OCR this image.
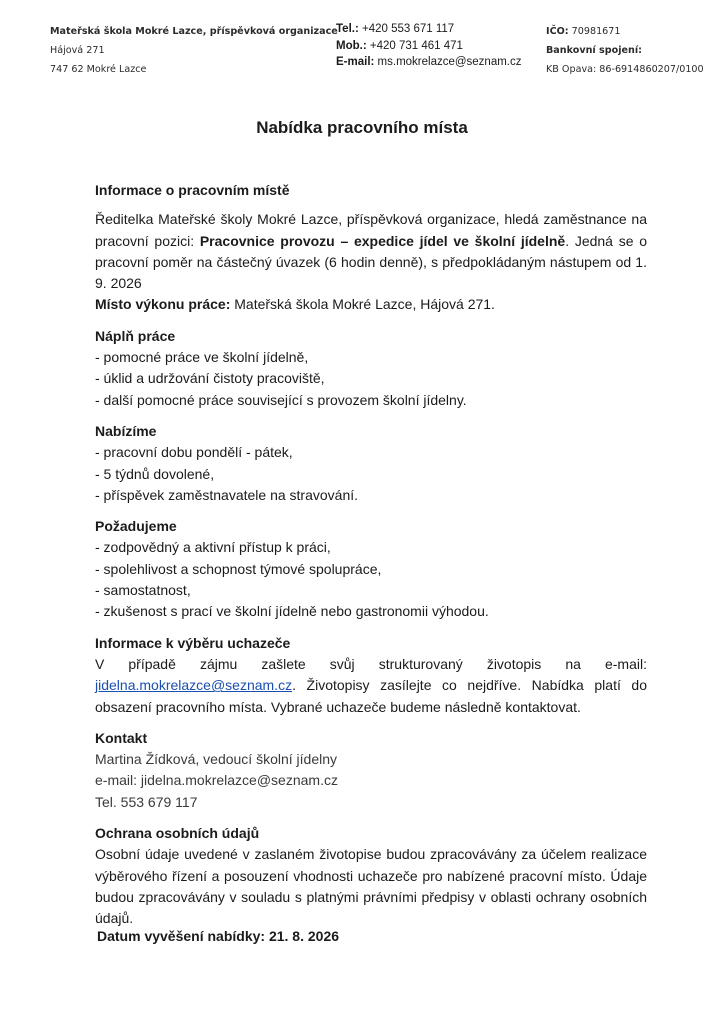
Mateřská škola Mokré Lazce, příspěvková organizace
Hájová 271
747 62 Mokré Lazce
Tel.: +420 553 671 117
Mob.: +420 731 461 471
E-mail: ms.mokrelazce@seznam.cz
IČO: 70981671
Bankovní spojení:
KB Opava: 86-6914860207/0100
Nabídka pracovního místa
Informace o pracovním místě

Ředitelka Mateřské školy Mokré Lazce, příspěvková organizace, hledá zaměstnance na pracovní pozici: Pracovnice provozu – expedice jídel ve školní jídelně. Jedná se o pracovní poměr na částečný úvazek (6 hodin denně), s předpokládaným nástupem od 1. 9. 2026

Místo výkonu práce: Mateřská škola Mokré Lazce, Hájová 271.

Náplň práce
- pomocné práce ve školní jídelně,
- úklid a udržování čistoty pracoviště,
- další pomocné práce související s provozem školní jídelny.
Nabízíme
- pracovní dobu pondělí - pátek,
- 5 týdnů dovolené,
- příspěvek zaměstnavatele na stravování.
Požadujeme
- zodpovědný a aktivní přístup k práci,
- spolehlivost a schopnost týmové spolupráce,
- samostatnost,
- zkušenost s prací ve školní jídelně nebo gastronomii výhodou.
Informace k výběru uchazeče

V případě zájmu zašlete svůj strukturovaný životopis na e-mail: jidelna.mokrelazce@seznam.cz. Životopisy zasílejte co nejdříve. Nabídka platí do obsazení pracovního místa. Vybrané uchazeče budeme následně kontaktovat.

Kontakt
Martina Žídková, vedoucí školní jídelny
e-mail: jidelna.mokrelazce@seznam.cz
Tel. 553 679 117
Ochrana osobních údajů

Osobní údaje uvedené v zaslaném životopise budou zpracovávány za účelem realizace výběrového řízení a posouzení vhodnosti uchazeče pro nabízené pracovní místo. Údaje budou zpracovávány v souladu s platnými právními předpisy v oblasti ochrany osobních údajů.

Datum vyvěšení nabídky: 21. 8. 2026
